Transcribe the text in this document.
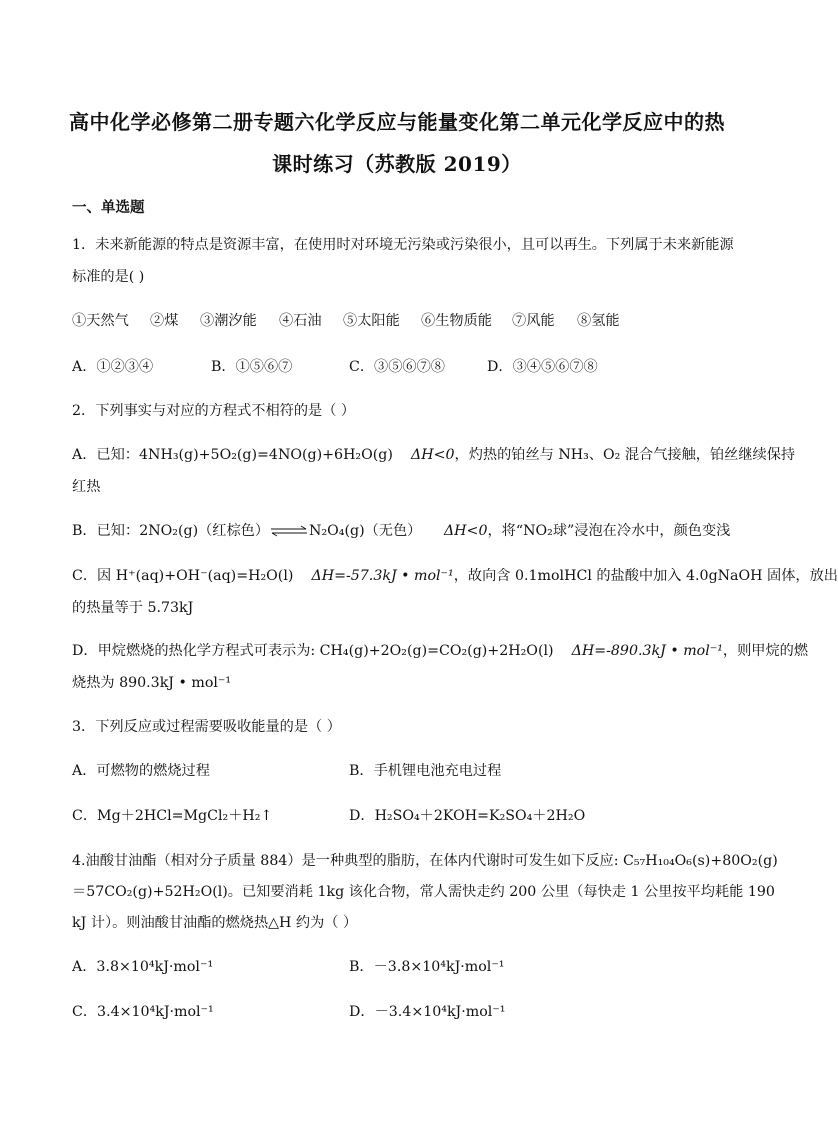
高中化学必修第二册专题六化学反应与能量变化第二单元化学反应中的热
课时练习（苏教版 2019）
一、单选题
1．未来新能源的特点是资源丰富，在使用时对环境无污染或污染很小，且可以再生。下列属于未来新能源
标准的是( )
①天然气 ②煤 ③潮汐能 ④石油 ⑤太阳能 ⑥生物质能 ⑦风能 ⑧氢能
A．①②③④	B．①⑤⑥⑦	C．③⑤⑥⑦⑧	D．③④⑤⑥⑦⑧
2．下列事实与对应的方程式不相符的是（ ）
A．已知：4NH₃(g)+5O₂(g)=4NO(g)+6H₂O(g) ΔH<0，灼热的铂丝与 NH₃、O₂ 混合气接触，铂丝继续保持
红热
B．已知：2NO₂(g)（红棕色）⇌N₂O₄(g)（无色） ΔH<0，将“NO₂球”浸泡在冷水中，颜色变浅
C．因 H⁺(aq)+OH⁻(aq)=H₂O(l) ΔH=-57.3kJ • mol⁻¹，故向含 0.1molHCl 的盐酸中加入 4.0gNaOH 固体，放出
的热量等于 5.73kJ
D．甲烷燃烧的热化学方程式可表示为: CH₄(g)+2O₂(g)=CO₂(g)+2H₂O(l) ΔH=-890.3kJ • mol⁻¹，则甲烷的燃
烧热为 890.3kJ • mol⁻¹
3．下列反应或过程需要吸收能量的是（ ）
A．可燃物的燃烧过程	B．手机锂电池充电过程
C．Mg＋2HCl=MgCl₂＋H₂↑	D．H₂SO₄＋2KOH=K₂SO₄＋2H₂O
4.油酸甘油酯（相对分子质量 884）是一种典型的脂肪，在体内代谢时可发生如下反应: C₅₇H₁₀₄O₆(s)+80O₂(g)
＝57CO₂(g)+52H₂O(l)。已知要消耗 1kg 该化合物，常人需快走约 200 公里（每快走 1 公里按平均耗能 190
kJ 计）。则油酸甘油酯的燃烧热△H 约为（ ）
A．3.8×10⁴kJ·mol⁻¹	B．－3.8×10⁴kJ·mol⁻¹
C．3.4×10⁴kJ·mol⁻¹	D．－3.4×10⁴kJ·mol⁻¹
